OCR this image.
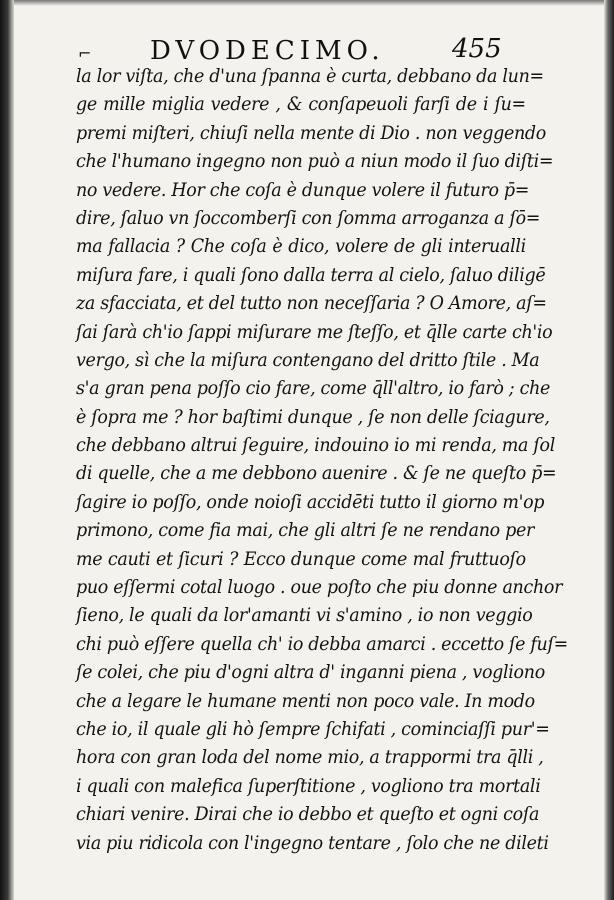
⌐ DVODECIMO.	455
la lor viſta, che d'una ſpanna è curta, debbano da lun=
ge mille miglia vedere , & conſapeuoli farſi de i ſu=
premi miſteri, chiuſi nella mente di Dio . non veggendo
che l'humano ingegno non può a niun modo il ſuo diſti=
no vedere. Hor che coſa è dunque volere il futuro p̄=
dire, ſaluo vn ſoccomberſi con ſomma arroganza a ſō=
ma fallacia ? Che coſa è dico, volere de gli interualli
miſura fare, i quali ſono dalla terra al cielo, ſaluo diligē
za sfacciata, et del tutto non neceſſaria ? O Amore, aſ=
ſai ſarà ch'io ſappi miſurare me ſteſſo, et q̄lle carte ch'io
vergo, sì che la miſura contengano del dritto ſtile . Ma
s'a gran pena poſſo cio fare, come q̄ll'altro, io farò ; che
è ſopra me ? hor baſtimi dunque , ſe non delle ſciagure,
che debbano altrui ſeguire, indouino io mi renda, ma ſol
di quelle, che a me debbono auenire . & ſe ne queſto p̄=
ſagire io poſſo, onde noioſi accidēti tutto il giorno m'op
primono, come fia mai, che gli altri ſe ne rendano per
me cauti et ſicuri ? Ecco dunque come mal fruttuoſo
puo eſſermi cotal luogo . oue poſto che piu donne anchor
ſieno, le quali da lor'amanti vi s'amino , io non veggio
chi può eſſere quella ch' io debba amarci . eccetto ſe fuſ=
ſe colei, che piu d'ogni altra d' inganni piena , vogliono
che a legare le humane menti non poco vale. In modo
che io, il quale gli hò ſempre ſchifati , cominciaſſi pur'=
hora con gran loda del nome mio, a trappormi tra q̄lli ,
i quali con malefica ſuperſtitione , vogliono tra mortali
chiari venire. Dirai che io debbo et queſto et ogni coſa
via piu ridicola con l'ingegno tentare , ſolo che ne dileti
